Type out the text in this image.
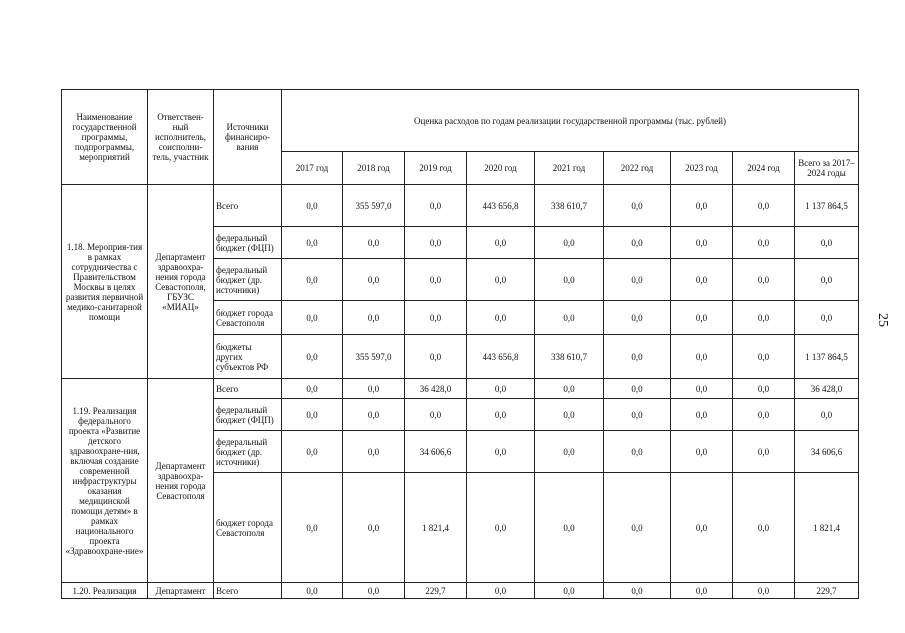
Наименование государственной программы, подпрограммы, мероприятий	Ответствен-ный исполнитель, соисполни-тель, участник	Источники финансиро-вания	Оценка расходов по годам реализации государственной программы (тыс. рублей)								
			2017 год	2018 год	2019 год	2020 год	2021 год	2022 год	2023 год	2024 год	Всего за 2017–2024 годы
1.18. Мероприя-тия в рамках сотрудничества с Правительством Москвы в целях развития первичной медико-санитарной помощи	Департамент здравоохра-нения города Севастополя, ГБУЗС «МИАЦ»	Всего	0,0	355 597,0	0,0	443 656,8	338 610,7	0,0	0,0	0,0	1 137 864,5
		федеральный бюджет (ФЦП)	0,0	0,0	0,0	0,0	0,0	0,0	0,0	0,0	0,0
		федеральный бюджет (др. источники)	0,0	0,0	0,0	0,0	0,0	0,0	0,0	0,0	0,0
		бюджет города Севастополя	0,0	0,0	0,0	0,0	0,0	0,0	0,0	0,0	0,0
		бюджеты других субъектов РФ	0,0	355 597,0	0,0	443 656,8	338 610,7	0,0	0,0	0,0	1 137 864,5
1.19. Реализация федерального проекта «Развитие детского здравоохране-ния, включая создание современной инфраструктуры оказания медицинской помощи детям» в рамках национального проекта «Здравоохране-ние»	Департамент здравоохра-нения города Севастополя	Всего	0,0	0,0	36 428,0	0,0	0,0	0,0	0,0	0,0	36 428,0
		федеральный бюджет (ФЦП)	0,0	0,0	0,0	0,0	0,0	0,0	0,0	0,0	0,0
		федеральный бюджет (др. источники)	0,0	0,0	34 606,6	0,0	0,0	0,0	0,0	0,0	34 606,6
		бюджет города Севастополя	0,0	0,0	1 821,4	0,0	0,0	0,0	0,0	0,0	1 821,4
1.20. Реализация	Департамент	Всего	0,0	0,0	229,7	0,0	0,0	0,0	0,0	0,0	229,7
25
